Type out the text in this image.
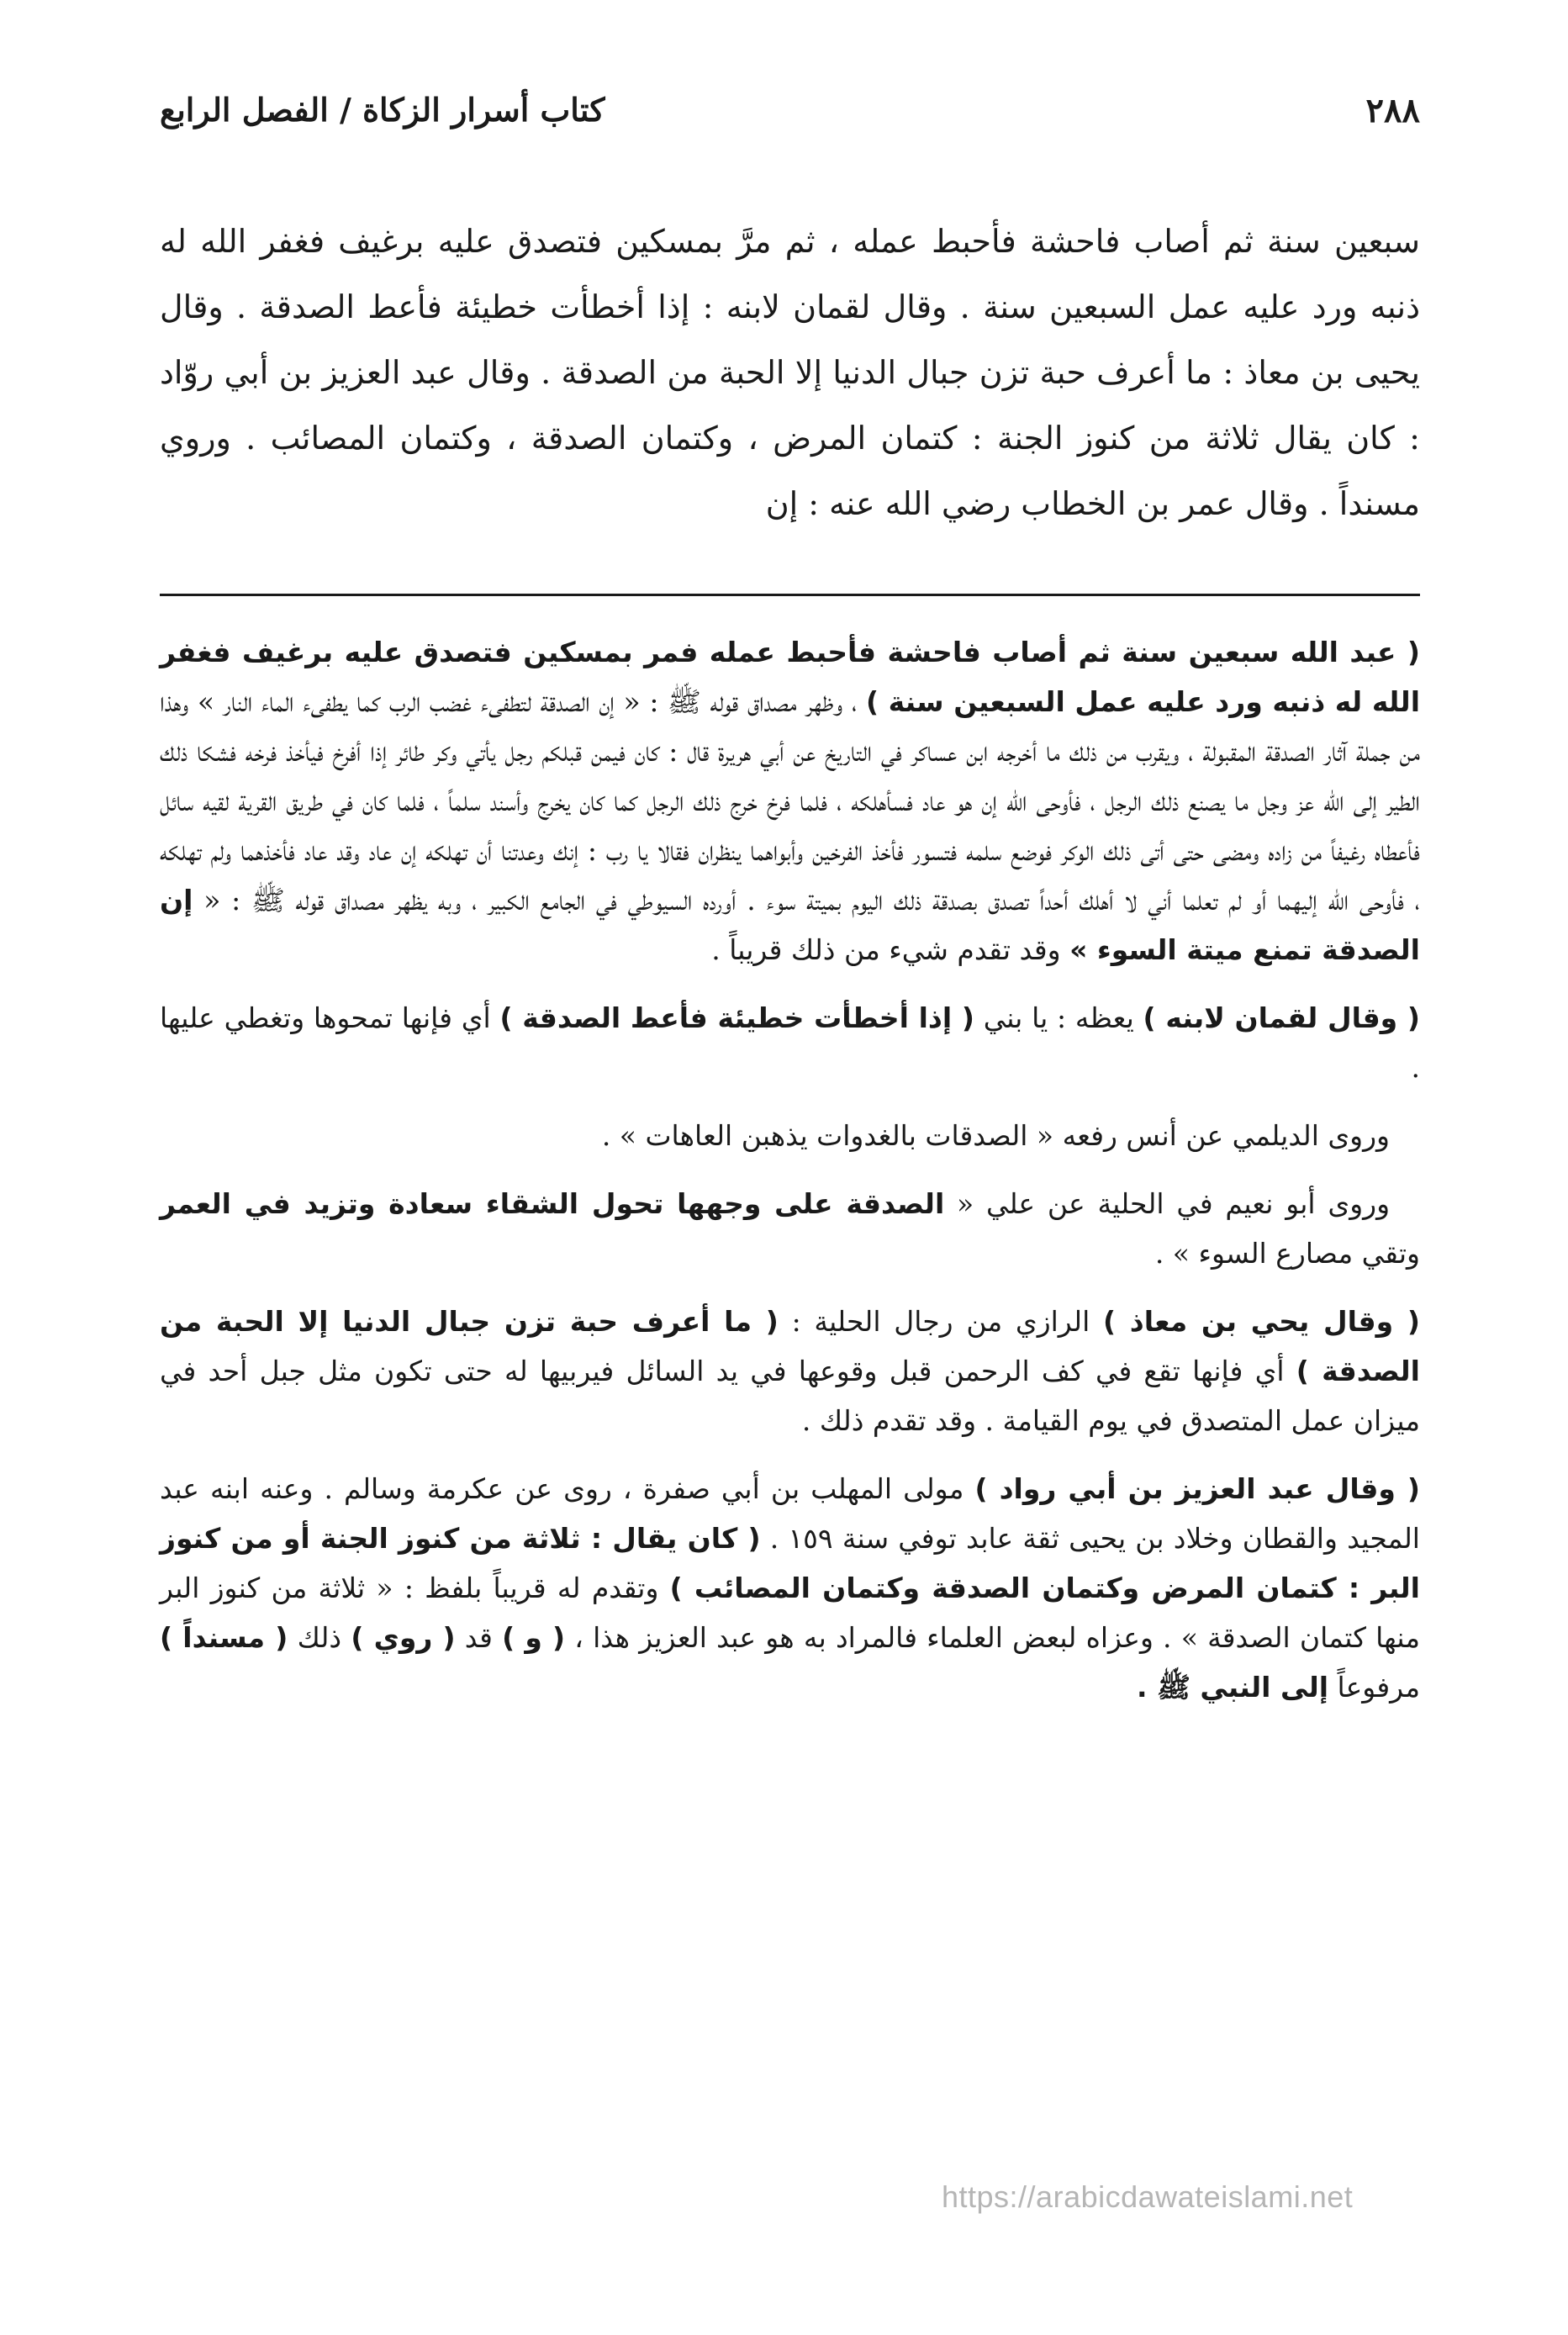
٢٨٨
كتاب أسرار الزكاة / الفصل الرابع

سبعين سنة ثم أصاب فاحشة فأحبط عمله ، ثم مرَّ بمسكين فتصدق عليه برغيف فغفر الله له ذنبه ورد عليه عمل السبعين سنة . وقال لقمان لابنه : إذا أخطأت خطيئة فأعط الصدقة . وقال يحيى بن معاذ : ما أعرف حبة تزن جبال الدنيا إلا الحبة من الصدقة . وقال عبد العزيز بن أبي روّاد : كان يقال ثلاثة من كنوز الجنة : كتمان المرض ، وكتمان الصدقة ، وكتمان المصائب . وروي مسنداً . وقال عمر بن الخطاب رضي الله عنه : إن

( عبد الله سبعين سنة ثم أصاب فاحشة فأحبط عمله فمر بمسكين فتصدق عليه برغيف فغفر الله له ذنبه ورد عليه عمل السبعين سنة ) ، وظهر مصداق قوله ﷺ : « إن الصدقة لتطفىء غضب الرب كما يطفىء الماء النار » وهذا من جملة آثار الصدقة المقبولة ، ويقرب من ذلك ما أخرجه ابن عساكر في التاريخ عن أبي هريرة قال : كان فيمن قبلكم رجل يأتي وكر طائر إذا أفرخ فيأخذ فرخه فشكا ذلك الطير إلى الله عز وجل ما يصنع ذلك الرجل ، فأوحى الله إن هو عاد فسأهلكه ، فلما فرخ خرج ذلك الرجل كما كان يخرج وأسند سلماً ، فلما كان في طريق القرية لقيه سائل فأعطاه رغيفاً من زاده ومضى حتى أتى ذلك الوكر فوضع سلمه فتسور فأخذ الفرخين وأبواهما ينظران فقالا يا رب : إنك وعدتنا أن تهلكه إن عاد وقد عاد فأخذهما ولم تهلكه ، فأوحى الله إليهما أو لم تعلما أني لا أهلك أحداً تصدق بصدقة ذلك اليوم بميتة سوء . أورده السيوطي في الجامع الكبير ، وبه يظهر مصداق قوله ﷺ : « إن الصدقة تمنع ميتة السوء » وقد تقدم شيء من ذلك قريباً .

( وقال لقمان لابنه ) يعظه : يا بني ( إذا أخطأت خطيئة فأعط الصدقة ) أي فإنها تمحوها وتغطي عليها .

وروى الديلمي عن أنس رفعه « الصدقات بالغدوات يذهبن العاهات » .

وروى أبو نعيم في الحلية عن علي « الصدقة على وجهها تحول الشقاء سعادة وتزيد في العمر وتقي مصارع السوء » .

( وقال يحي بن معاذ ) الرازي من رجال الحلية : ( ما أعرف حبة تزن جبال الدنيا إلا الحبة من الصدقة ) أي فإنها تقع في كف الرحمن قبل وقوعها في يد السائل فيربيها له حتى تكون مثل جبل أحد في ميزان عمل المتصدق في يوم القيامة . وقد تقدم ذلك .

( وقال عبد العزيز بن أبي رواد ) مولى المهلب بن أبي صفرة ، روى عن عكرمة وسالم . وعنه ابنه عبد المجيد والقطان وخلاد بن يحيى ثقة عابد توفي سنة ١٥٩ . ( كان يقال : ثلاثة من كنوز الجنة أو من كنوز البر : كتمان المرض وكتمان الصدقة وكتمان المصائب ) وتقدم له قريباً بلفظ : « ثلاثة من كنوز البر منها كتمان الصدقة » . وعزاه لبعض العلماء فالمراد به هو عبد العزيز هذا ، ( و ) قد ( روي ) ذلك ( مسنداً ) مرفوعاً إلى النبي ﷺ .

https://arabicdawateislami.net
